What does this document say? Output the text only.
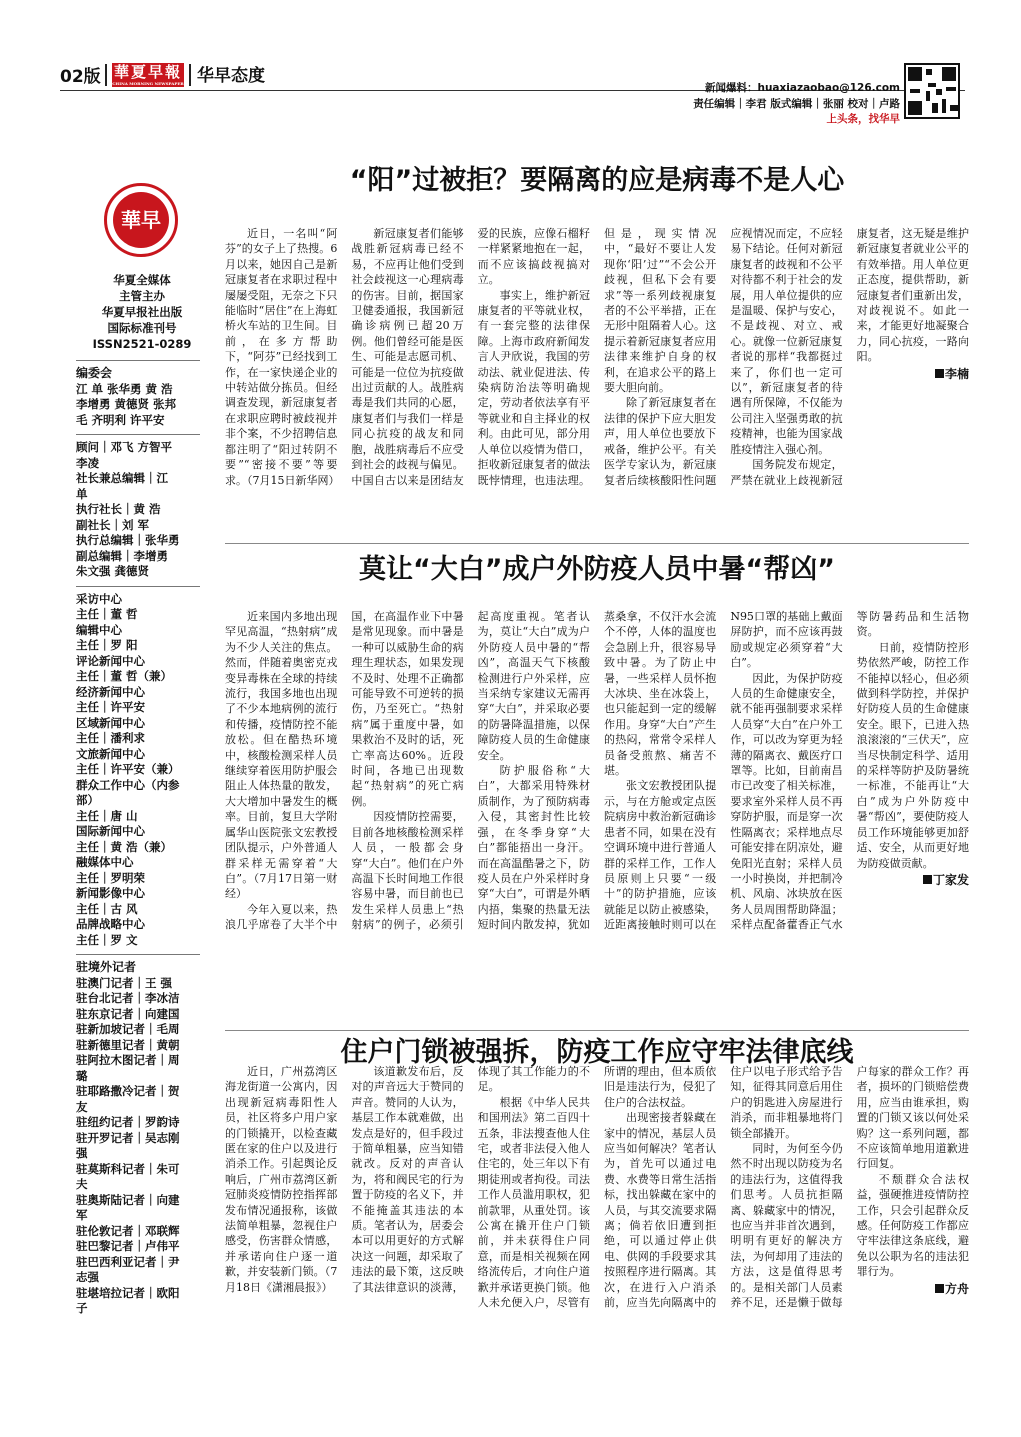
02版 華夏早報
CHINA MORNING NEWSPAPER 华早态度
新闻爆料：huaxiazaobao@126.com
责任编辑｜李君 版式编辑｜张丽 校对｜卢路
上头条，找华早
華早
华夏全媒体
主管主办
华夏早报社出版
国际标准刊号
ISSN2521-0289
编委会
江 单 张华勇 黄 浩
李增勇 黄德贤 张邦
毛 齐明利 许平安
顾问｜邓飞 方智平
李凌
社长兼总编辑｜江
单
执行社长｜黄 浩
副社长｜刘 军
执行总编辑｜张华勇
副总编辑｜李增勇
朱文强 龚德贤
采访中心
主任｜董 哲
编辑中心
主任｜罗 阳
评论新闻中心
主任｜董 哲（兼）
经济新闻中心
主任｜许平安
区域新闻中心
主任｜潘利求
文旅新闻中心
主任｜许平安（兼）
群众工作中心（内参
部）
主任｜唐 山
国际新闻中心
主任｜黄 浩（兼）
融媒体中心
主任｜罗明荣
新闻影像中心
主任｜古 风
品牌战略中心
主任｜罗 文
驻境外记者
驻澳门记者｜王 强
驻台北记者｜李冰洁
驻东京记者｜向建国
驻新加坡记者｜毛周
驻新德里记者｜黄朝
驻阿拉木图记者｜周
璐
驻耶路撒冷记者｜贺
友
驻纽约记者｜罗韵诗
驻开罗记者｜吴志刚
强
驻莫斯科记者｜朱可
夫
驻奥斯陆记者｜向建
军
驻伦敦记者｜邓联辉
驻巴黎记者｜卢伟平
驻巴西利亚记者｜尹
志强
驻堪培拉记者｜欧阳
子
“阳”过被拒？要隔离的应是病毒不是人心

近日，一名叫“阿芬”的女子上了热搜。6月以来，她因自己是新冠康复者在求职过程中屡屡受阻，无奈之下只能临时“居住”在上海虹桥火车站的卫生间。目前，在多方帮助下，“阿芬”已经找到工作，在一家快递企业的中转站做分拣员。但经调查发现，新冠康复者在求职应聘时被歧视并非个案，不少招聘信息都注明了“阳过转阴不要”“密接不要”等要求。（7月15日新华网）

新冠康复者们能够战胜新冠病毒已经不易，不应再让他们受到社会歧视这一心理病毒的伤害。目前，据国家卫健委通报，我国新冠确诊病例已超20万例。他们曾经可能是医生、可能是志愿司机、可能是一位位为抗疫做出过贡献的人。战胜病毒是我们共同的心愿，康复者们与我们一样是同心抗疫的战友和同胞，战胜病毒后不应受到社会的歧视与偏见。中国自古以来是团结友爱的民族，应像石榴籽一样紧紧地抱在一起，而不应该搞歧视搞对立。

事实上，维护新冠康复者的平等就业权，有一套完整的法律保障。上海市政府新闻发言人尹欣说，我国的劳动法、就业促进法、传染病防治法等明确规定，劳动者依法享有平等就业和自主择业的权利。由此可见，部分用人单位以疫情为借口，拒收新冠康复者的做法既悖情理，也违法理。但是，现实情况中，“最好不要让人发现你‘阳’过”“不会公开歧视，但私下会有要求”等一系列歧视康复者的不公平举措，正在无形中阻隔着人心。这提示着新冠康复者应用法律来维护自身的权利，在追求公平的路上要大胆向前。

除了新冠康复者在法律的保护下应大胆发声，用人单位也要放下戒备，维护公平。有关医学专家认为，新冠康复者后续核酸阳性问题应视情况而定，不应轻易下结论。任何对新冠康复者的歧视和不公平对待都不利于社会的发展，用人单位提供的应是温暖、保护与安心，不是歧视、对立、戒心。就像一位新冠康复者说的那样“我都挺过来了，你们也一定可以”，新冠康复者的待遇有所保障，不仅能为公司注入坚强勇敢的抗疫精神，也能为国家战胜疫情注入强心剂。

国务院发布规定，严禁在就业上歧视新冠康复者，这无疑是维护新冠康复者就业公平的有效举措。用人单位更正态度，提供帮助，新冠康复者们重新出发，对歧视说不。如此一来，才能更好地凝聚合力，同心抗疫，一路向阳。

李楠
莫让“大白”成户外防疫人员中暑“帮凶”

近来国内多地出现罕见高温，“热射病”成为不少人关注的焦点。然而，伴随着奥密克戎变异毒株在全球的持续流行，我国多地也出现了不少本地病例的流行和传播，疫情防控不能放松。但在酷热环境中，核酸检测采样人员继续穿着医用防护服会阻止人体热量的散发，大大增加中暑发生的概率。目前，复旦大学附属华山医院张文宏教授团队提示，户外普通人群采样无需穿着“大白”。（7月17日第一财经）

今年入夏以来，热浪几乎席卷了大半个中国，在高温作业下中暑是常见现象。而中暑是一种可以威胁生命的病理生理状态，如果发现不及时、处理不正确都可能导致不可逆转的损伤，乃至死亡。“热射病”属于重度中暑，如果救治不及时的话，死亡率高达60%。近段时间，各地已出现数起“热射病”的死亡病例。

因疫情防控需要，目前各地核酸检测采样人员，一般都会身穿“大白”。他们在户外高温下长时间地工作很容易中暑，而目前也已发生采样人员患上“热射病”的例子，必须引起高度重视。笔者认为，莫让“大白”成为户外防疫人员中暑的“帮凶”，高温天气下核酸检测进行户外采样，应当采纳专家建议无需再穿“大白”，并采取必要的防暑降温措施，以保障防疫人员的生命健康安全。

防护服俗称“大白”，大都采用特殊材质制作，为了预防病毒入侵，其密封性比较强，在冬季身穿“大白”都能捂出一身汗。而在高温酷暑之下，防疫人员在户外采样时身穿“大白”，可谓是外晒内捂，集聚的热量无法短时间内散发掉，犹如蒸桑拿，不仅汗水会流个不停，人体的温度也会急剧上升，很容易导致中暑。为了防止中暑，一些采样人员怀抱大冰块、坐在冰袋上，也只能起到一定的缓解作用。身穿“大白”产生的热闷，常常令采样人员备受煎熬、痛苦不堪。

张文宏教授团队提示，与在方舱或定点医院病房中救治新冠确诊患者不同，如果在没有空调环境中进行普通人群的采样工作，工作人员原则上只要“一级十”的防护措施，应该就能足以防止被感染，近距离接触时则可以在N95口罩的基础上戴面屏防护，而不应该再鼓励或规定必须穿着“大白”。

因此，为保护防疫人员的生命健康安全，就不能再强制要求采样人员穿“大白”在户外工作，可以改为穿更为轻薄的隔离衣、戴医疗口罩等。比如，目前南昌市已改变了相关标准，要求室外采样人员不再穿防护服，而是穿一次性隔离衣；采样地点尽可能安排在阴凉处，避免阳光直射；采样人员一小时换岗，并把制冷机、风扇、冰块放在医务人员周围帮助降温；采样点配备藿香正气水等防暑药品和生活物资。

日前，疫情防控形势依然严峻，防控工作不能掉以轻心，但必须做到科学防控，并保护好防疫人员的生命健康安全。眼下，已进入热浪滚滚的“三伏天”，应当尽快制定科学、适用的采样等防护及防暑统一标准，不能再让“大白”成为户外防疫中暑“帮凶”，要使防疫人员工作环境能够更加舒适、安全，从而更好地为防疫做贡献。

丁家发
住户门锁被强拆，防疫工作应守牢法律底线

近日，广州荔湾区海龙街道一公寓内，因出现新冠病毒阳性人员，社区将多户用户家的门锁撬开，以检查藏匿在家的住户以及进行消杀工作。引起舆论反响后，广州市荔湾区新冠肺炎疫情防控指挥部发布情况通报称，该做法简单粗暴，忽视住户感受，伤害群众情感，并承诺向住户逐一道歉，并安装新门锁。（7月18日《潇湘晨报》）

该道歉发布后，反对的声音远大于赞同的声音。赞同的人认为，基层工作本就难做，出发点是好的，但手段过于简单粗暴，应当知错就改。反对的声音认为，将和阀民宅的行为置于防疫的名义下，并不能掩盖其违法的本质。笔者认为，居委会本可以用更好的方式解决这一问题，却采取了违法的最下策，这反映了其法律意识的淡薄，体现了其工作能力的不足。

根据《中华人民共和国刑法》第二百四十五条，非法搜查他人住宅，或者非法侵入他人住宅的，处三年以下有期徒刑或者拘役。司法工作人员滥用职权，犯前款罪，从重处罚。该公寓在撬开住户门锁前，并未获得住户同意，而是相关视频在网络流传后，才向住户道歉并承诺更换门锁。他人未允便入户，尽管有所谓的理由，但本质依旧是违法行为，侵犯了住户的合法权益。

出现密接者躲藏在家中的情况，基层人员应当如何解决？笔者认为，首先可以通过电费、水费等日常生活指标，找出躲藏在家中的人员，与其交流要求隔离；倘若依旧遭到拒绝，可以通过停止供电、供网的手段要求其按照程序进行隔离。其次，在进行入户消杀前，应当先向隔离中的住户以电子形式给予告知，征得其同意后用住户的钥匙进入房屋进行消杀，而非粗暴地将门锁全部撬开。

同时，为何至今仍然不时出现以防疫为名的违法行为，这值得我们思考。人员抗拒隔离、躲藏家中的情况，也应当并非首次遇到，明明有更好的解决方法，为何却用了违法的方法，这是值得思考的。是相关部门人员素养不足，还是懒于做每户每家的群众工作？再者，损坏的门锁赔偿费用，应当由谁承担，购置的门锁又该以何处采购？这一系列问题，都不应该简单地用道歉进行回复。

不颓群众合法权益，强硬推进疫情防控工作，只会引起群众反感。任何防疫工作都应守牢法律这条底线，避免以公职为名的违法犯罪行为。

方舟
